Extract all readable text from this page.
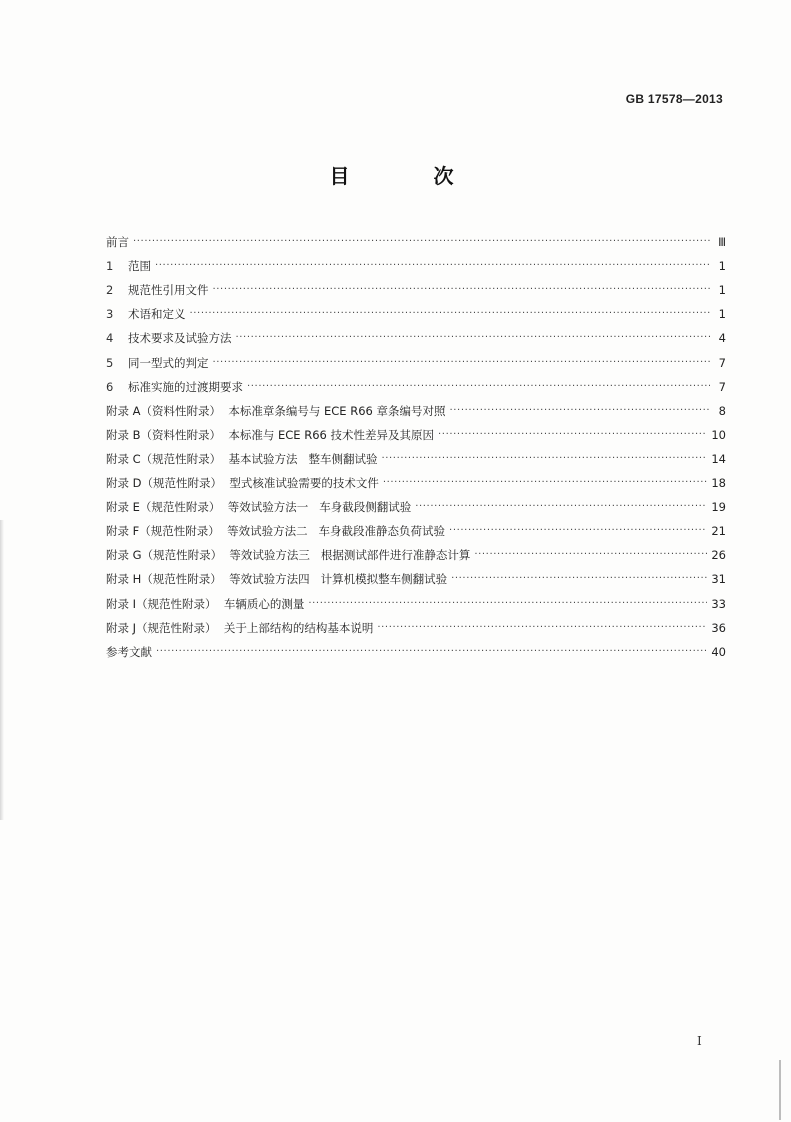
GB 17578—2013
目　次
前言 ·····	Ⅲ
1	范围 ·····	1
2	规范性引用文件 ·····	1
3	术语和定义 ·····	1
4	技术要求及试验方法 ·····	4
5	同一型式的判定 ·····	7
6	标准实施的过渡期要求 ·····	7
附录 A（资料性附录）  本标准章条编号与 ECE R66 章条编号对照 ·····	8
附录 B（资料性附录）  本标准与 ECE R66 技术性差异及其原因 ·····	10
附录 C（规范性附录）  基本试验方法   整车侧翻试验 ·····	14
附录 D（规范性附录）  型式核准试验需要的技术文件 ·····	18
附录 E（规范性附录）  等效试验方法一   车身截段侧翻试验 ·····	19
附录 F（规范性附录）  等效试验方法二   车身截段准静态负荷试验 ·····	21
附录 G（规范性附录）  等效试验方法三   根据测试部件进行准静态计算 ·····	26
附录 H（规范性附录）  等效试验方法四   计算机模拟整车侧翻试验 ·····	31
附录 I（规范性附录）  车辆质心的测量 ·····	33
附录 J（规范性附录）  关于上部结构的结构基本说明 ·····	36
参考文献 ·····	40
I
